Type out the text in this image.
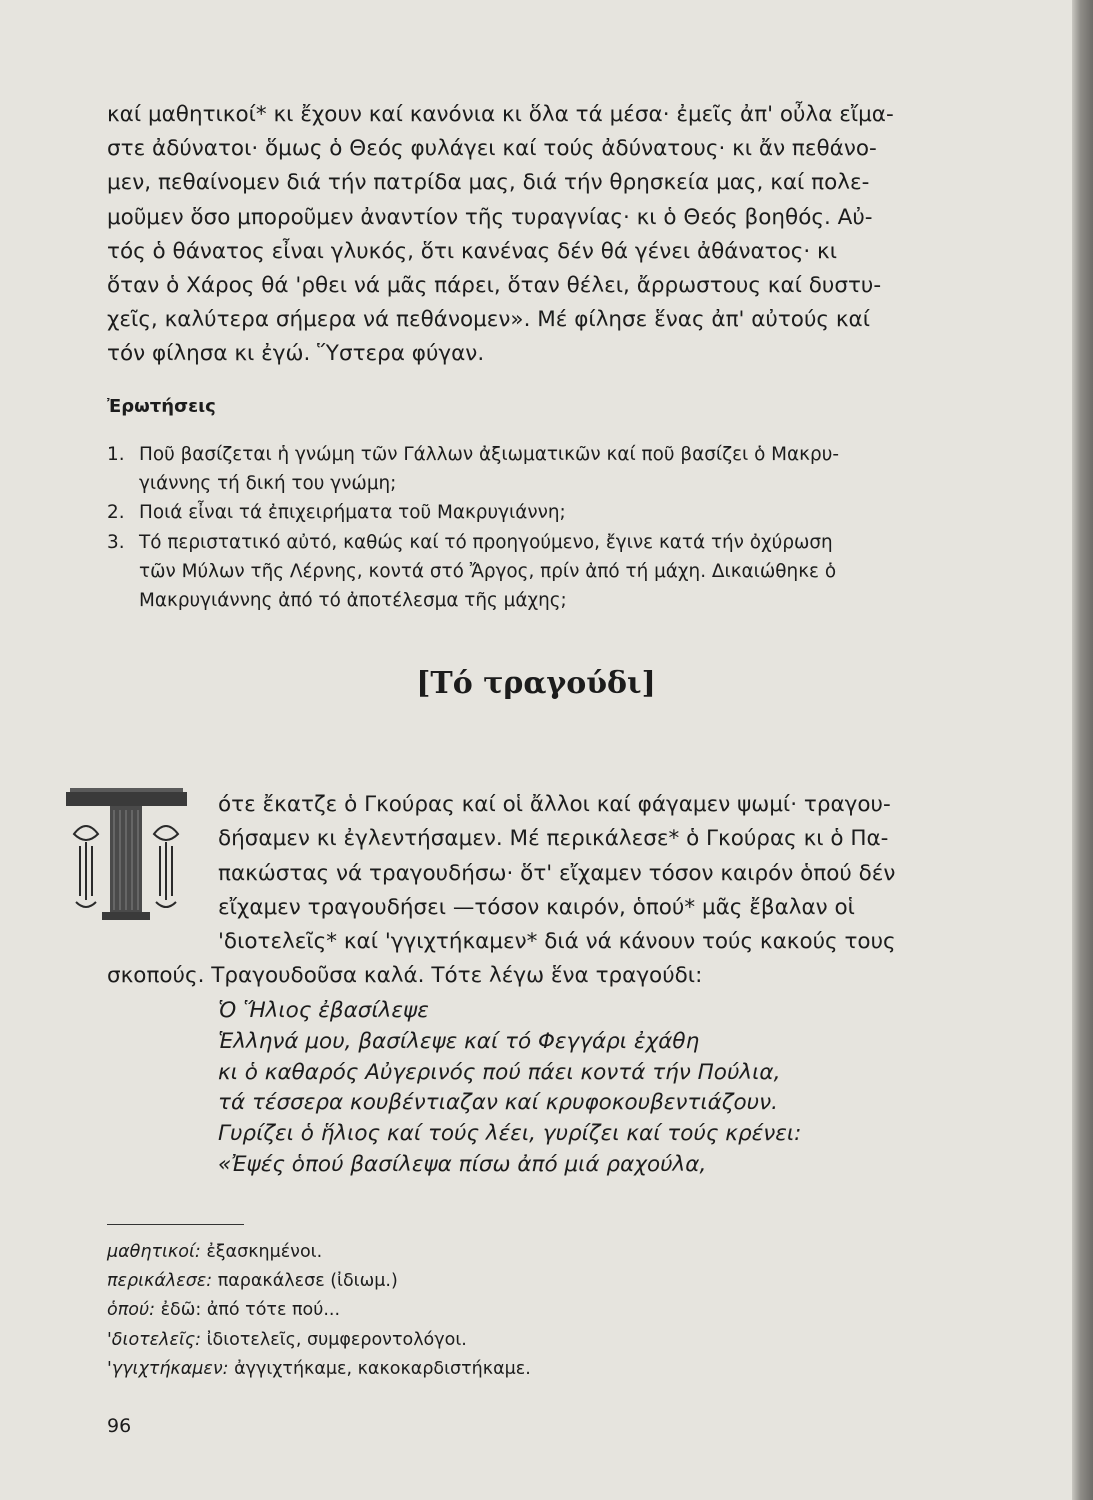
καί μαθητικοί* κι ἔχουν καί κανόνια κι ὅλα τά μέσα· ἐμεῖς ἀπ' οὖλα εἴμα-
στε ἀδύνατοι· ὅμως ὁ Θεός φυλάγει καί τούς ἀδύνατους· κι ἄν πεθάνο-
μεν, πεθαίνομεν διά τήν πατρίδα μας, διά τήν θρησκεία μας, καί πολε-
μοῦμεν ὅσο μποροῦμεν ἀναντίον τῆς τυραγνίας· κι ὁ Θεός βοηθός. Αὐ-
τός ὁ θάνατος εἶναι γλυκός, ὅτι κανένας δέν θά γένει ἀθάνατος· κι
ὅταν ὁ Χάρος θά 'ρθει νά μᾶς πάρει, ὅταν θέλει, ἄρρωστους καί δυστυ-
χεῖς, καλύτερα σήμερα νά πεθάνομεν». Μέ φίλησε ἕνας ἀπ' αὐτούς καί
τόν φίλησα κι ἐγώ. Ὕστερα φύγαν.

Ἐρωτήσεις

1. Ποῦ βασίζεται ἡ γνώμη τῶν Γάλλων ἀξιωματικῶν καί ποῦ βασίζει ὁ Μακρυ-
γιάννης τή δική του γνώμη;
2. Ποιά εἶναι τά ἐπιχειρήματα τοῦ Μακρυγιάννη;
3. Τό περιστατικό αὐτό, καθώς καί τό προηγούμενο, ἔγινε κατά τήν ὀχύρωση
τῶν Μύλων τῆς Λέρνης, κοντά στό Ἄργος, πρίν ἀπό τή μάχη. Δικαιώθηκε ὁ
Μακρυγιάννης ἀπό τό ἀποτέλεσμα τῆς μάχης;
[Τό τραγούδι]

ότε ἔκατζε ὁ Γκούρας καί οἱ ἄλλοι καί φάγαμεν ψωμί· τραγου-
δήσαμεν κι ἐγλεντήσαμεν. Μέ περικάλεσε* ὁ Γκούρας κι ὁ Πα-
πακώστας νά τραγουδήσω· ὅτ' εἴχαμεν τόσον καιρόν ὁπού δέν
εἴχαμεν τραγουδήσει —τόσον καιρόν, ὁπού* μᾶς ἔβαλαν οἱ
'διοτελεῖς* καί 'γγιχτήκαμεν* διά νά κάνουν τούς κακούς τους
σκοπούς. Τραγουδοῦσα καλά. Τότε λέγω ἕνα τραγούδι:

Ὁ Ἥλιος ἐβασίλεψε
Ἑλληνά μου, βασίλεψε καί τό Φεγγάρι ἐχάθη
κι ὁ καθαρός Αὐγερινός πού πάει κοντά τήν Πούλια,
τά τέσσερα κουβέντιαζαν καί κρυφοκουβεντιάζουν.
Γυρίζει ὁ ἥλιος καί τούς λέει, γυρίζει καί τούς κρένει:
«Ἐψές ὁπού βασίλεψα πίσω ἀπό μιά ραχούλα,

μαθητικοί: ἐξασκημένοι.
περικάλεσε: παρακάλεσε (ἰδιωμ.)
ὁπού: ἐδῶ: ἀπό τότε πού...
'διοτελεῖς: ἰδιοτελεῖς, συμφεροντολόγοι.
'γγιχτήκαμεν: ἀγγιχτήκαμε, κακοκαρδιστήκαμε.

96
